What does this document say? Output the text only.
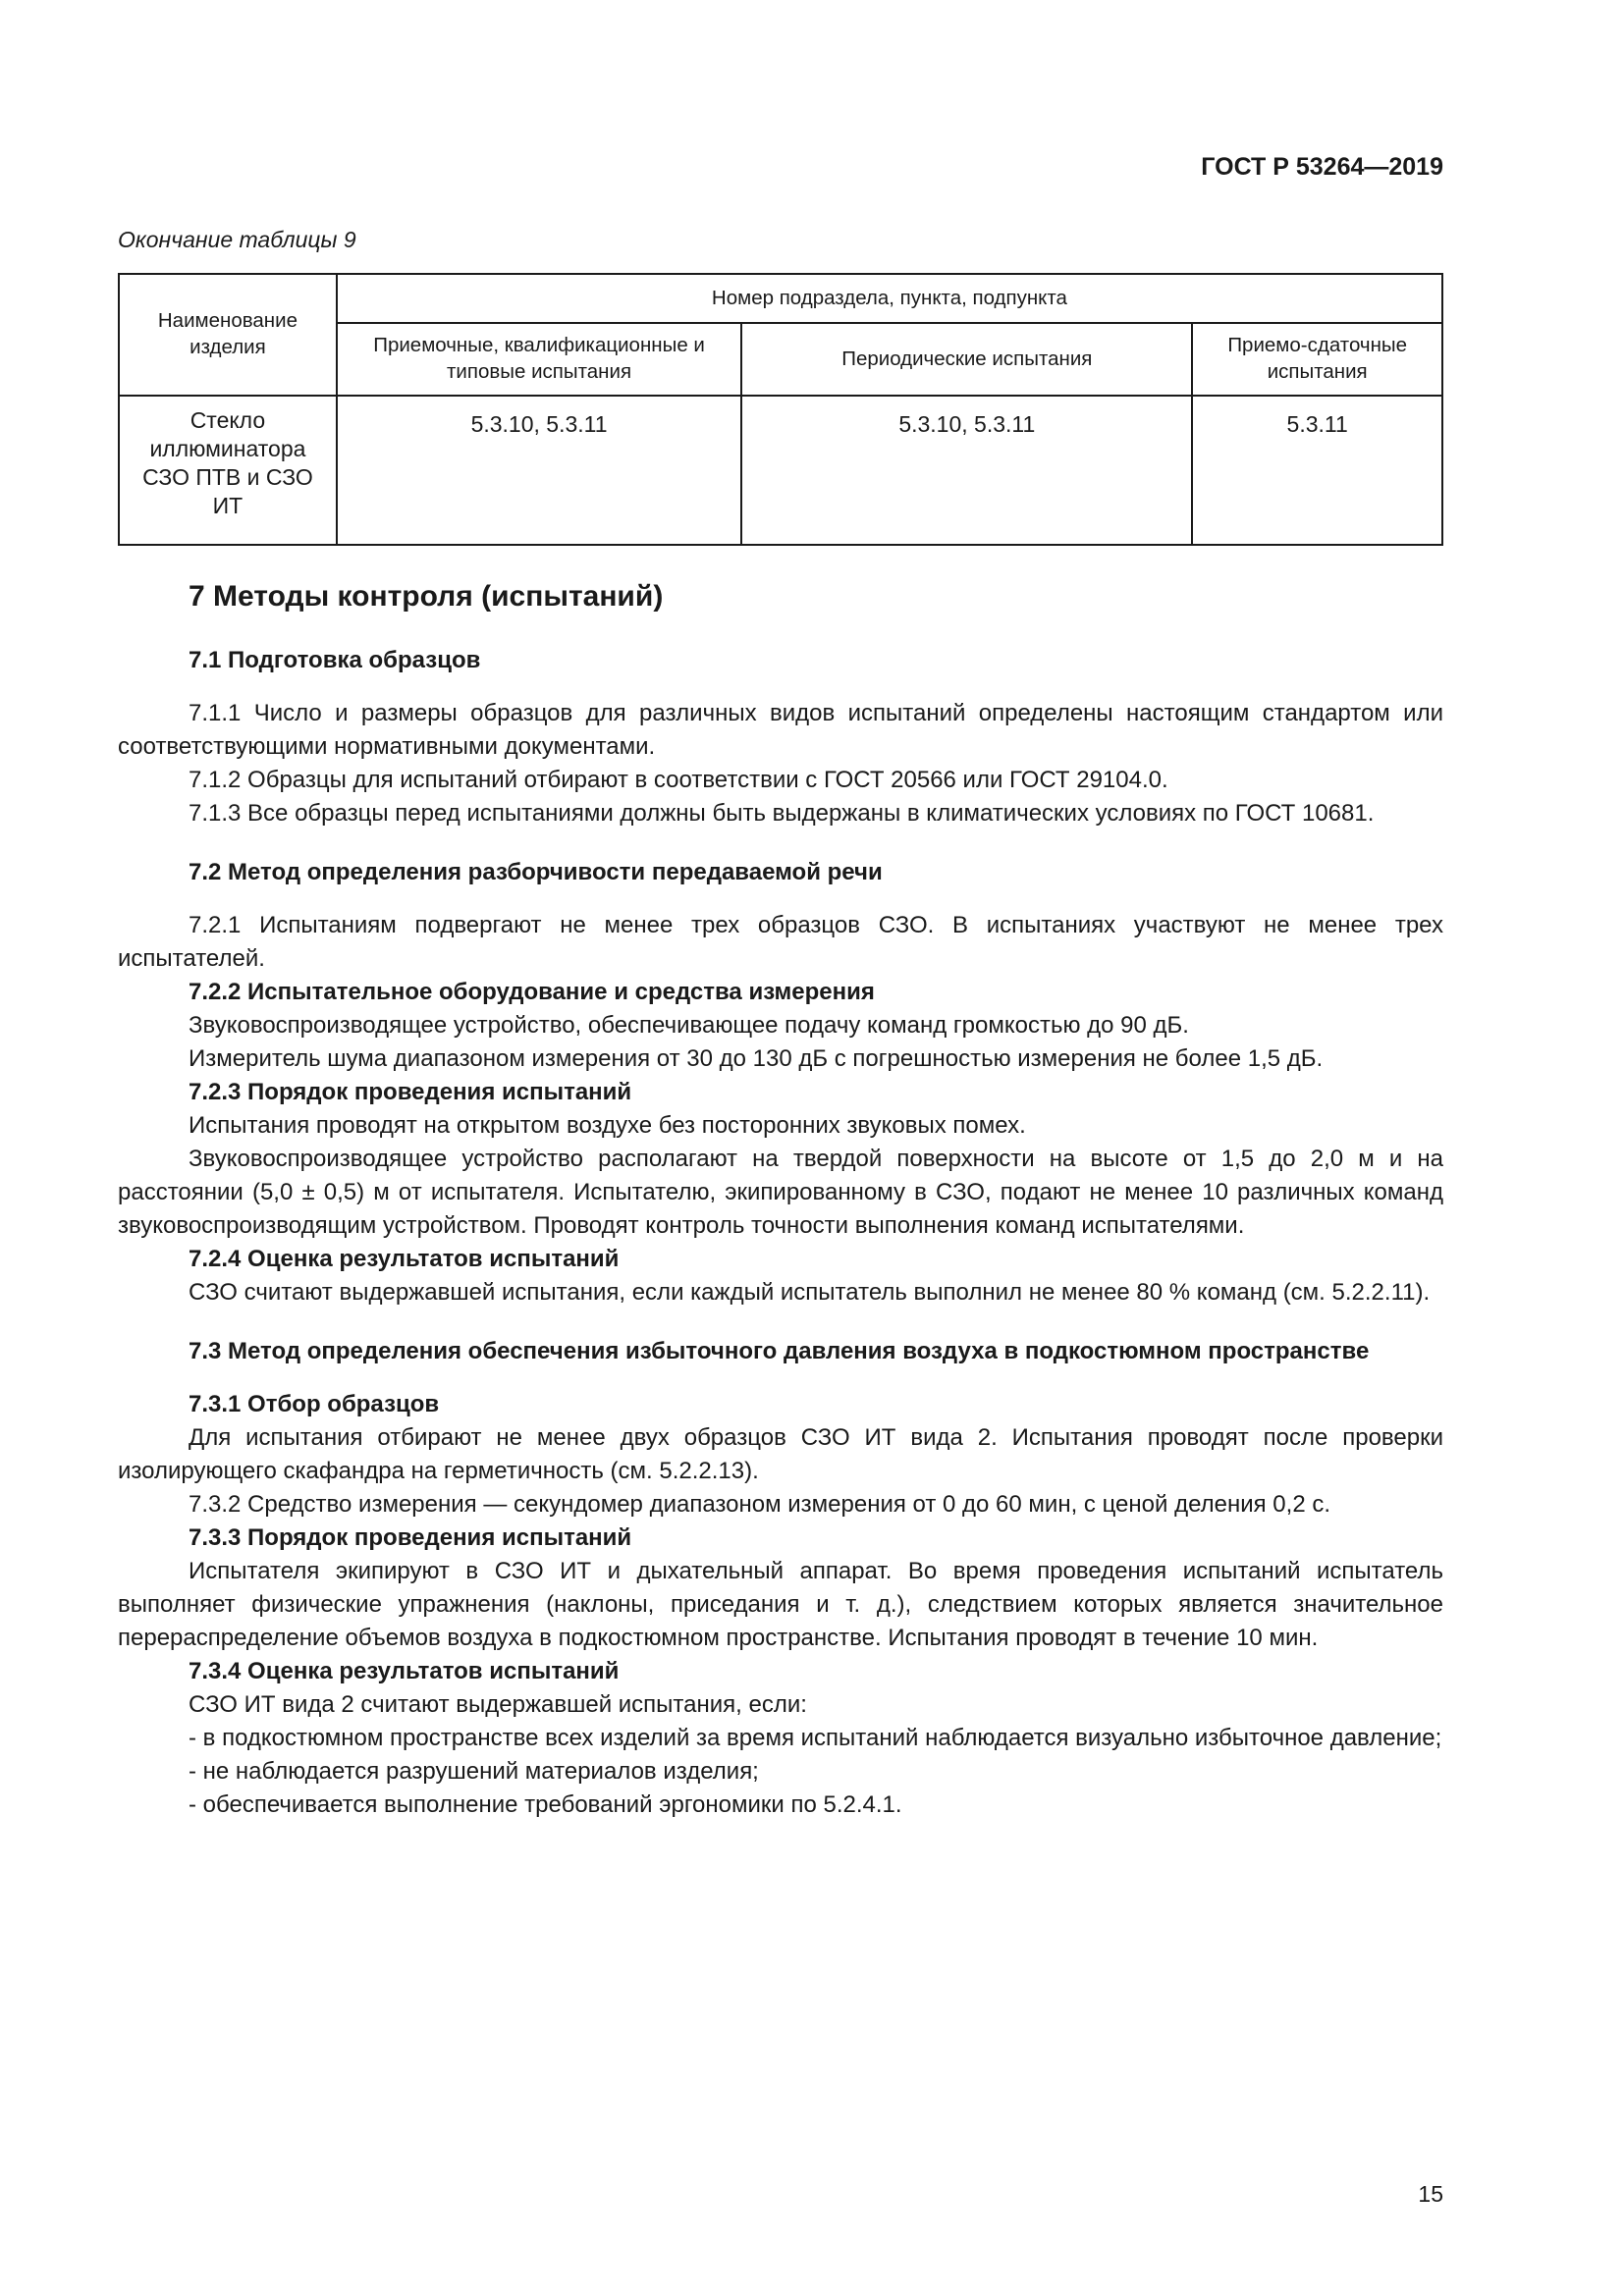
ГОСТ Р 53264—2019
Окончание таблицы 9
Наименование изделия	Номер подраздела, пункта, подпункта		
	Приемочные, квалификационные и типовые испытания	Периодические испытания	Приемо-сдаточные испытания
Стекло иллюминатора СЗО ПТВ и СЗО ИТ	5.3.10, 5.3.11	5.3.10, 5.3.11	5.3.11

7 Методы контроля (испытаний)

7.1 Подготовка образцов

7.1.1 Число и размеры образцов для различных видов испытаний определены настоящим стандартом или соответствующими нормативными документами.

7.1.2 Образцы для испытаний отбирают в соответствии с ГОСТ 20566 или ГОСТ 29104.0.

7.1.3 Все образцы перед испытаниями должны быть выдержаны в климатических условиях по ГОСТ 10681.

7.2 Метод определения разборчивости передаваемой речи

7.2.1 Испытаниям подвергают не менее трех образцов СЗО. В испытаниях участвуют не менее трех испытателей.

7.2.2 Испытательное оборудование и средства измерения

Звуковоспроизводящее устройство, обеспечивающее подачу команд громкостью до 90 дБ.

Измеритель шума диапазоном измерения от 30 до 130 дБ с погрешностью измерения не более 1,5 дБ.

7.2.3 Порядок проведения испытаний

Испытания проводят на открытом воздухе без посторонних звуковых помех.

Звуковоспроизводящее устройство располагают на твердой поверхности на высоте от 1,5 до 2,0 м и на расстоянии (5,0 ± 0,5) м от испытателя. Испытателю, экипированному в СЗО, подают не менее 10 различных команд звуковоспроизводящим устройством. Проводят контроль точности выполнения команд испытателями.

7.2.4 Оценка результатов испытаний

СЗО считают выдержавшей испытания, если каждый испытатель выполнил не менее 80 % команд (см. 5.2.2.11).

7.3 Метод определения обеспечения избыточного давления воздуха в подкостюмном пространстве

7.3.1 Отбор образцов

Для испытания отбирают не менее двух образцов СЗО ИТ вида 2. Испытания проводят после проверки изолирующего скафандра на герметичность (см. 5.2.2.13).

7.3.2 Средство измерения — секундомер диапазоном измерения от 0 до 60 мин, с ценой деления 0,2 с.

7.3.3 Порядок проведения испытаний

Испытателя экипируют в СЗО ИТ и дыхательный аппарат. Во время проведения испытаний испытатель выполняет физические упражнения (наклоны, приседания и т. д.), следствием которых является значительное перераспределение объемов воздуха в подкостюмном пространстве. Испытания проводят в течение 10 мин.

7.3.4 Оценка результатов испытаний

СЗО ИТ вида 2 считают выдержавшей испытания, если:

- в подкостюмном пространстве всех изделий за время испытаний наблюдается визуально избыточное давление;

- не наблюдается разрушений материалов изделия;

- обеспечивается выполнение требований эргономики по 5.2.4.1.

15
